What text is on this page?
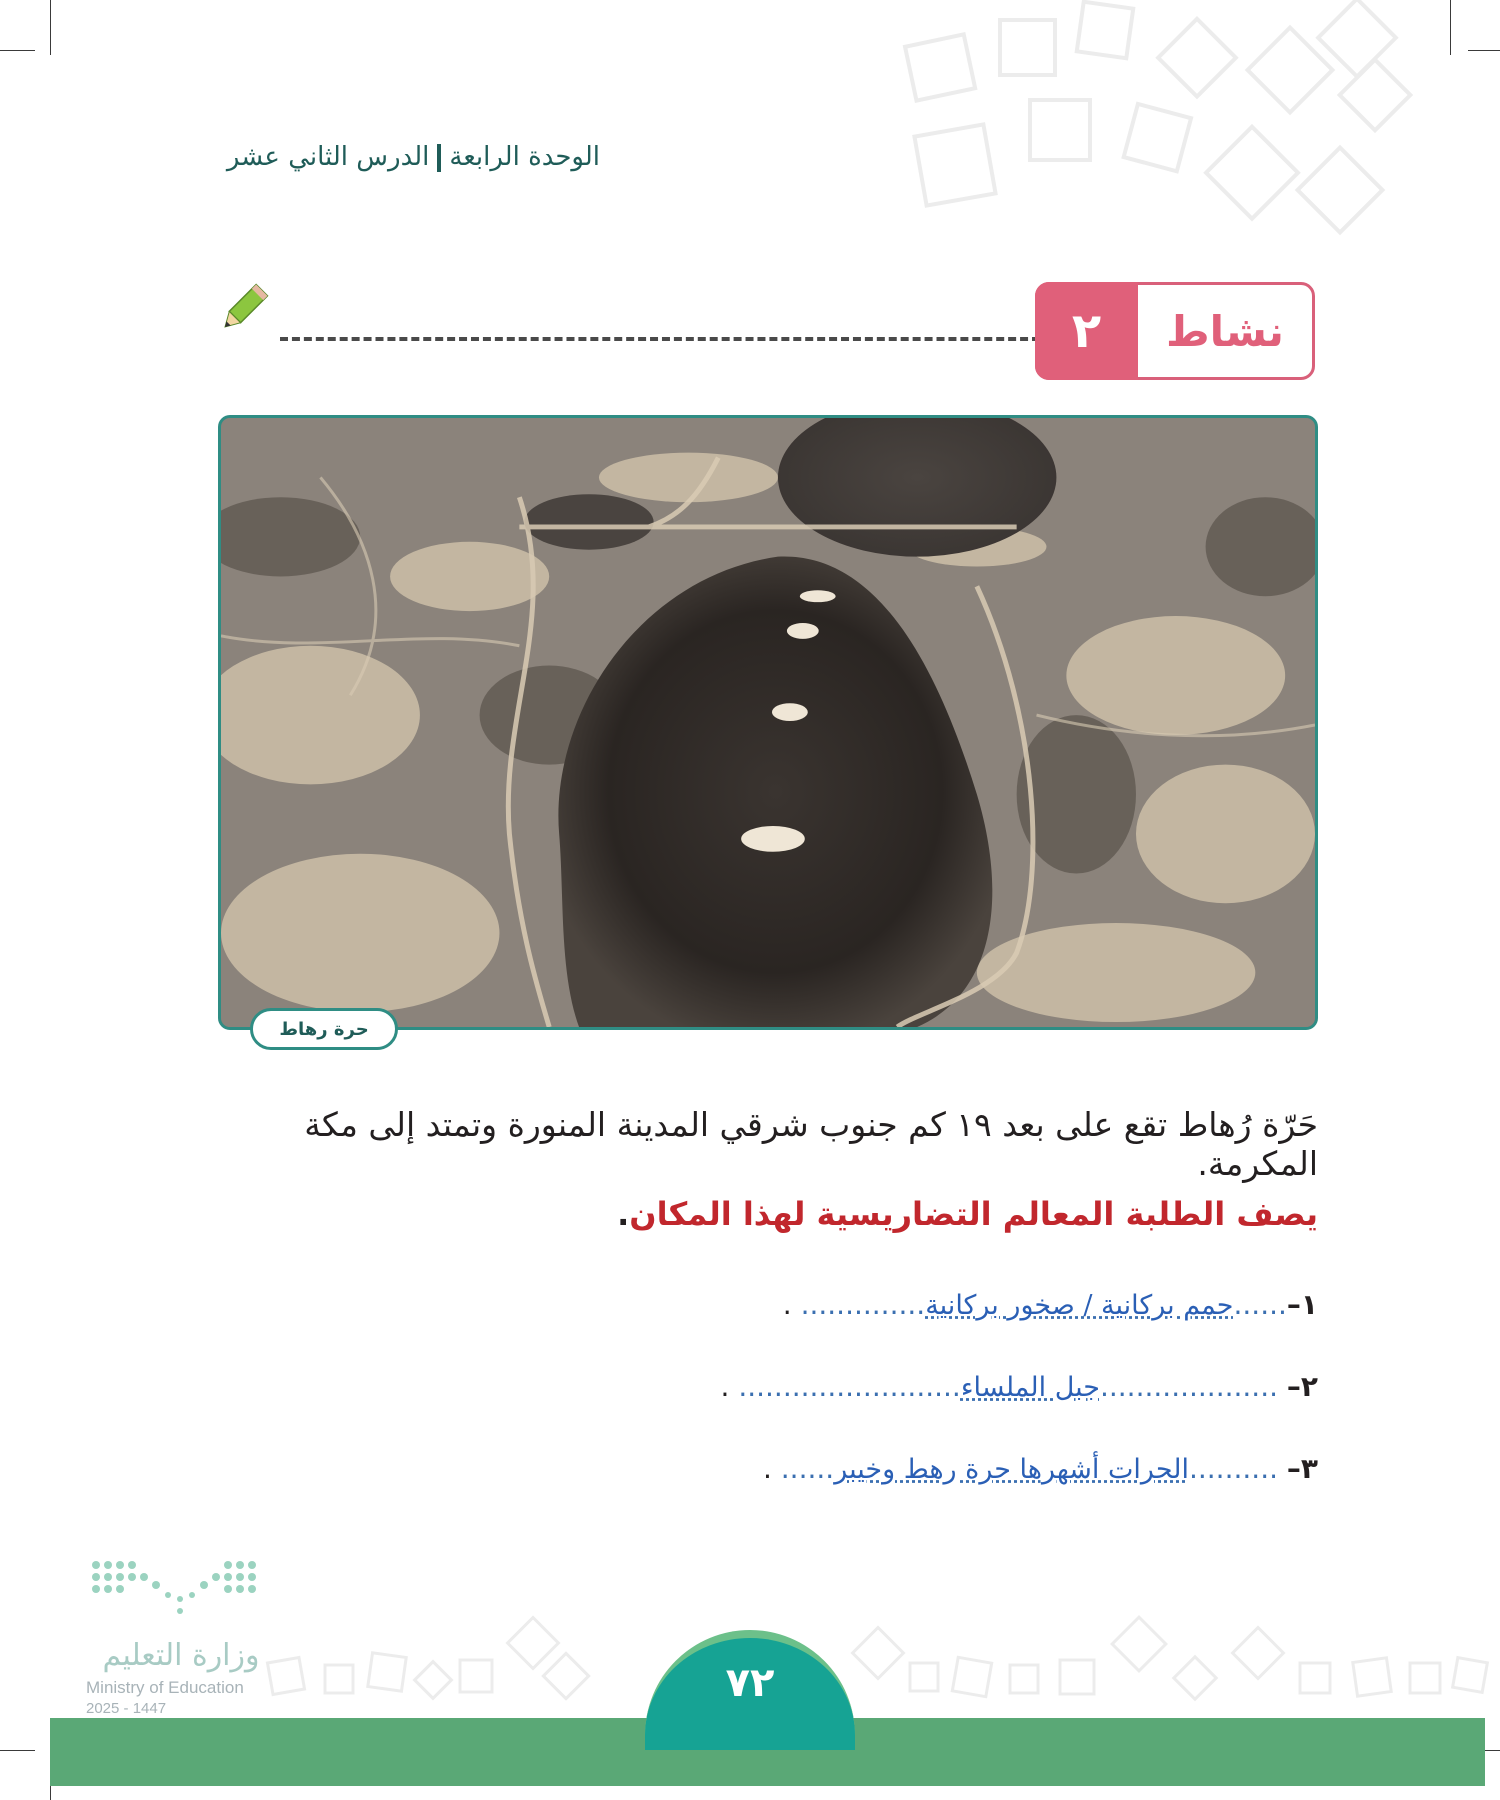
الوحدة الرابعةالدرس الثاني عشر
٢	نشاط
حرة رهاط
حَرّة رُهاط تقع على بعد ١٩ كم جنوب شرقي المدينة المنورة وتمتد إلى مكة المكرمة.
يصف الطلبة المعالم التضاريسية لهذا المكان.
١–......حمم بركانية / صخور بركانية.............. .
٢– ....................جبل الملساء......................... .
٣– ..........الحرات أشهرها حرة رهط وخيبر...... .
وزارة التعليم
Ministry of Education
2025 - 1447
٧٢
